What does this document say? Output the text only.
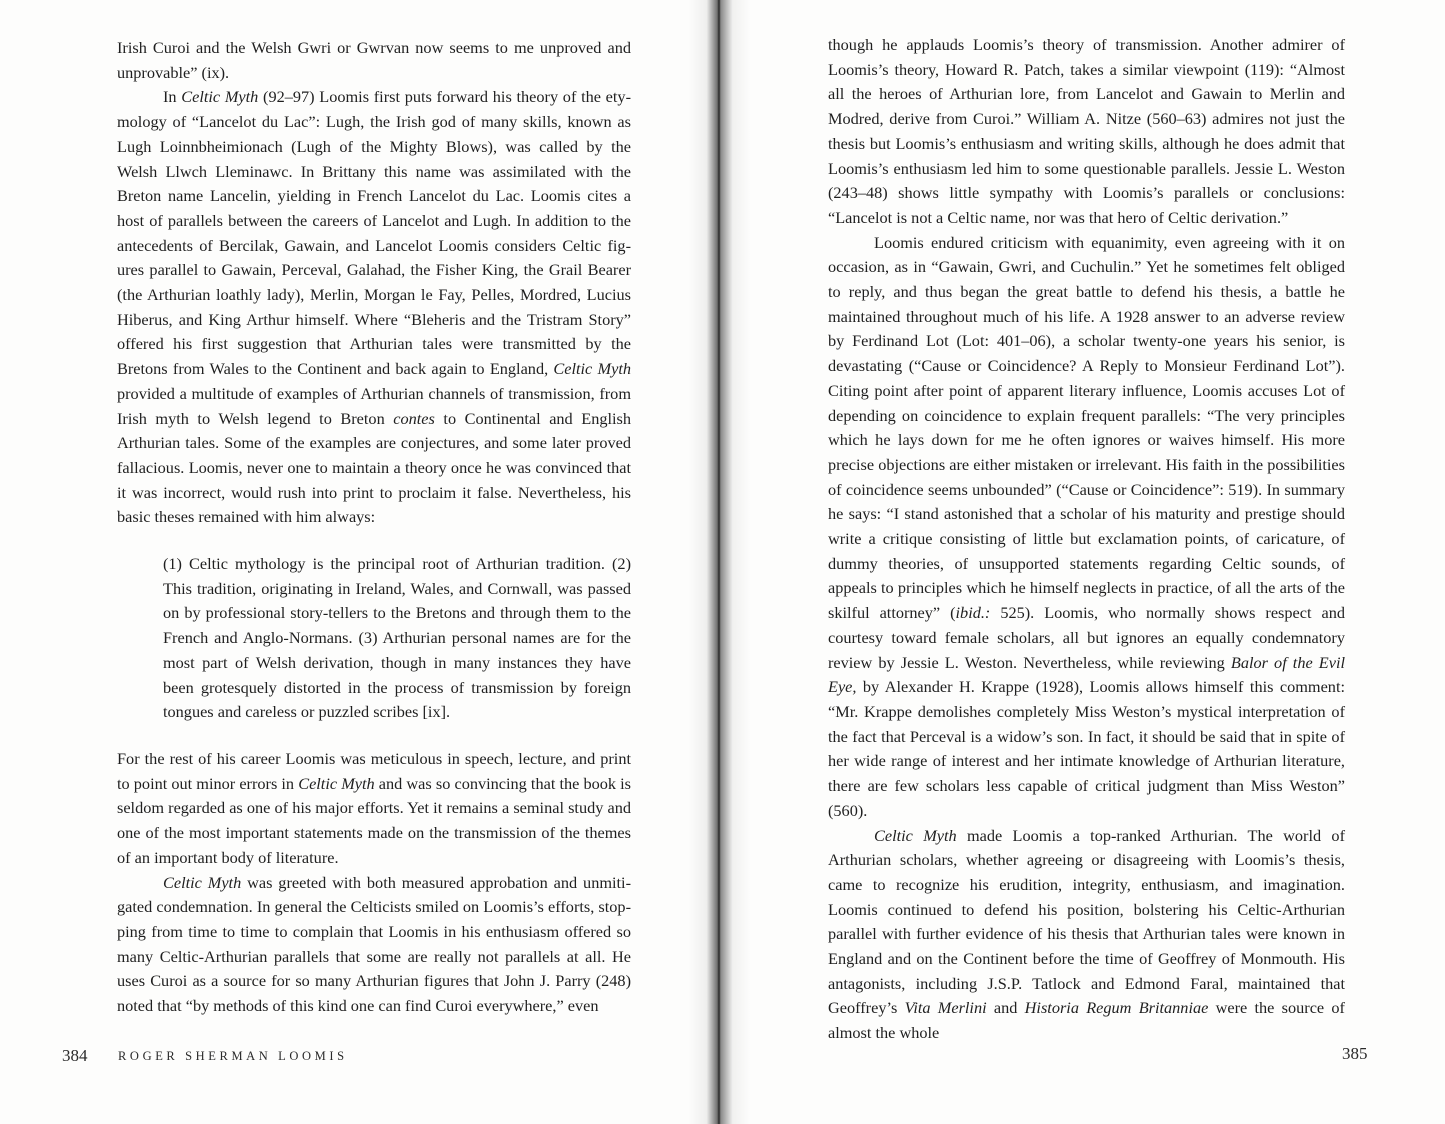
Irish Curoi and the Welsh Gwri or Gwrvan now seems to me unproved and unprovable” (ix).

In Celtic Myth (92–97) Loomis first puts forward his theory of the etymology of “Lancelot du Lac”: Lugh, the Irish god of many skills, known as Lugh Loinnbheimionach (Lugh of the Mighty Blows), was called by the Welsh Llwch Lleminawc. In Brittany this name was assimilated with the Breton name Lancelin, yielding in French Lancelot du Lac. Loomis cites a host of parallels between the careers of Lancelot and Lugh. In addition to the antecedents of Bercilak, Gawain, and Lancelot Loomis considers Celtic figures parallel to Gawain, Perceval, Galahad, the Fisher King, the Grail Bearer (the Arthurian loathly lady), Merlin, Morgan le Fay, Pelles, Mordred, Lucius Hiberus, and King Arthur himself. Where “Bleheris and the Tristram Story” offered his first suggestion that Arthurian tales were transmitted by the Bretons from Wales to the Continent and back again to England, Celtic Myth provided a multitude of examples of Arthurian channels of transmission, from Irish myth to Welsh legend to Breton contes to Continental and English Arthurian tales. Some of the examples are conjectures, and some later proved fallacious. Loomis, never one to maintain a theory once he was convinced that it was incorrect, would rush into print to proclaim it false. Nevertheless, his basic theses remained with him always:

(1) Celtic mythology is the principal root of Arthurian tradition. (2) This tradition, originating in Ireland, Wales, and Cornwall, was passed on by professional story-tellers to the Bretons and through them to the French and Anglo-Normans. (3) Arthurian personal names are for the most part of Welsh derivation, though in many instances they have been grotesquely distorted in the process of transmission by foreign tongues and careless or puzzled scribes [ix].

For the rest of his career Loomis was meticulous in speech, lecture, and print to point out minor errors in Celtic Myth and was so convincing that the book is seldom regarded as one of his major efforts. Yet it remains a seminal study and one of the most important statements made on the transmission of the themes of an important body of literature.

Celtic Myth was greeted with both measured approbation and unmitigated condemnation. In general the Celticists smiled on Loomis’s efforts, stopping from time to time to complain that Loomis in his enthusiasm offered so many Celtic-Arthurian parallels that some are really not parallels at all. He uses Curoi as a source for so many Arthurian figures that John J. Parry (248) noted that “by methods of this kind one can find Curoi everywhere,” even

384 ROGER SHERMAN LOOMIS

though he applauds Loomis’s theory of transmission. Another admirer of Loomis’s theory, Howard R. Patch, takes a similar viewpoint (119): “Almost all the heroes of Arthurian lore, from Lancelot and Gawain to Merlin and Modred, derive from Curoi.” William A. Nitze (560–63) admires not just the thesis but Loomis’s enthusiasm and writing skills, although he does admit that Loomis’s enthusiasm led him to some questionable parallels. Jessie L. Weston (243–48) shows little sympathy with Loomis’s parallels or conclusions: “Lancelot is not a Celtic name, nor was that hero of Celtic derivation.”

Loomis endured criticism with equanimity, even agreeing with it on occasion, as in “Gawain, Gwri, and Cuchulin.” Yet he sometimes felt obliged to reply, and thus began the great battle to defend his thesis, a battle he maintained throughout much of his life. A 1928 answer to an adverse review by Ferdinand Lot (Lot: 401–06), a scholar twenty-one years his senior, is devastating (“Cause or Coincidence? A Reply to Monsieur Ferdinand Lot”). Citing point after point of apparent literary influence, Loomis accuses Lot of depending on coincidence to explain frequent parallels: “The very principles which he lays down for me he often ignores or waives himself. His more precise objections are either mistaken or irrelevant. His faith in the possibilities of coincidence seems unbounded” (“Cause or Coincidence”: 519). In summary he says: “I stand astonished that a scholar of his maturity and prestige should write a critique consisting of little but exclamation points, of caricature, of dummy theories, of unsupported statements regarding Celtic sounds, of appeals to principles which he himself neglects in practice, of all the arts of the skilful attorney” (ibid.: 525). Loomis, who normally shows respect and courtesy toward female scholars, all but ignores an equally condemnatory review by Jessie L. Weston. Nevertheless, while reviewing Balor of the Evil Eye, by Alexander H. Krappe (1928), Loomis allows himself this comment: “Mr. Krappe demolishes completely Miss Weston’s mystical interpretation of the fact that Perceval is a widow’s son. In fact, it should be said that in spite of her wide range of interest and her intimate knowledge of Arthurian literature, there are few scholars less capable of critical judgment than Miss Weston” (560).

Celtic Myth made Loomis a top-ranked Arthurian. The world of Arthurian scholars, whether agreeing or disagreeing with Loomis’s thesis, came to recognize his erudition, integrity, enthusiasm, and imagination. Loomis continued to defend his position, bolstering his Celtic-Arthurian parallel with further evidence of his thesis that Arthurian tales were known in England and on the Continent before the time of Geoffrey of Monmouth. His antagonists, including J.S.P. Tatlock and Edmond Faral, maintained that Geoffrey’s Vita Merlini and Historia Regum Britanniae were the source of almost the whole

385
